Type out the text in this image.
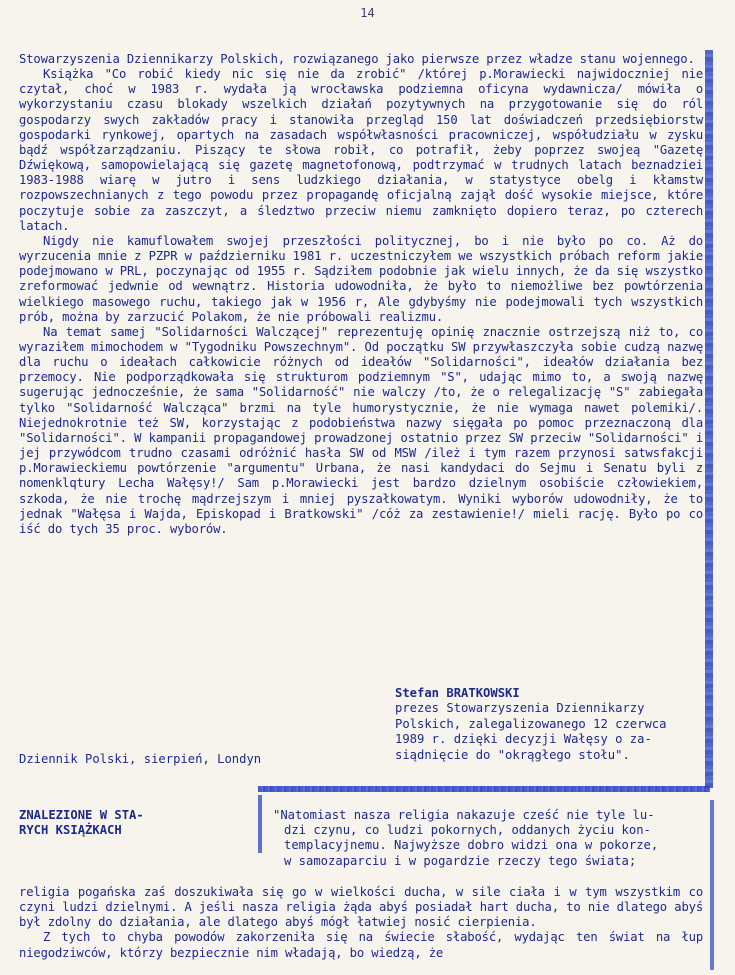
14

Stowarzyszenia Dziennikarzy Polskich, rozwiązanego jako pierwsze przez władze stanu wojennego.

Książka "Co robić kiedy nic się nie da zrobić" /której p.Morawiecki najwidoczniej nie czytał, choć w 1983 r. wydała ją wrocławska podziemna oficyna wydawnicza/ mówiła o wykorzystaniu czasu blokady wszelkich działań pozytywnych na przygotowanie się do ról gospodarzy swych zakładów pracy i stanowiła przegląd 150 lat doświadczeń przedsiębiorstw gospodarki rynkowej, opartych na zasadach współwłasności pracowniczej, współudziału w zysku bądź współzarządzaniu. Piszący te słowa robił, co potrafił, żeby poprzez swojeą "Gazetę Dźwiękową, samopowielającą się gazetę magnetofonową, podtrzymać w trudnych latach beznadziei 1983-1988 wiarę w jutro i sens ludzkiego działania, w statystyce obelg i kłamstw rozpowszechnianych z tego powodu przez propagandę oficjalną zajął dość wysokie miejsce, które poczytuje sobie za zaszczyt, a śledztwo przeciw niemu zamknięto dopiero teraz, po czterech latach.

Nigdy nie kamuflowałem swojej przeszłości politycznej, bo i nie było po co. Aż do wyrzucenia mnie z PZPR w październiku 1981 r. uczestniczyłem we wszystkich próbach reform jakie podejmowano w PRL, poczynając od 1955 r. Sądziłem podobnie jak wielu innych, że da się wszystko zreformować jedwnie od wewnątrz. Historia udowodniła, że było to niemożliwe bez powtórzenia wielkiego masowego ruchu, takiego jak w 1956 r, Ale gdybyśmy nie podejmowali tych wszystkich prób, można by zarzucić Polakom, że nie próbowali realizmu.

Na temat samej "Solidarności Walczącej" reprezentuję opinię znacznie ostrzejszą niż to, co wyraziłem mimochodem w "Tygodniku Powszechnym". Od początku SW przywłaszczyła sobie cudzą nazwę dla ruchu o ideałach całkowicie różnych od ideałów "Solidarności", ideałów działania bez przemocy. Nie podporządkowała się strukturom podziemnym "S", udając mimo to, a swoją nazwę sugerując jednocześnie, że sama "Solidarność" nie walczy /to, że o relegalizację "S" zabiegała tylko "Solidarność Walcząca" brzmi na tyle humorystycznie, że nie wymaga nawet polemiki/. Niejednokrotnie też SW, korzystając z podobieństwa nazwy sięgała po pomoc przeznaczoną dla "Solidarności". W kampanii propagandowej prowadzonej ostatnio przez SW przeciw "Solidarności" i jej przywódcom trudno czasami odróżnić hasła SW od MSW /ileż i tym razem przynosi satwsfakcji p.Morawieckiemu powtórzenie "argumentu" Urbana, że nasi kandydaci do Sejmu i Senatu byli z nomenklqtury Lecha Wałęsy!/ Sam p.Morawiecki jest bardzo dzielnym osobiście człowiekiem, szkoda, że nie trochę mądrzejszym i mniej pyszałkowatym. Wyniki wyborów udowodniły, że to jednak "Wałęsa i Wajda, Episkopad i Bratkowski" /cóż za zestawienie!/ mieli rację. Było po co iść do tych 35 proc. wyborów.

Stefan BRATKOWSKI
prezes Stowarzyszenia Dziennikarzy
Polskich, zalegalizowanego 12 czerwca
1989 r. dzięki decyzji Wałęsy o za-
siądnięcie do "okrągłego stołu".
Dziennik Polski, sierpień, Londyn
ZNALEZIONE W STA-
RYCH KSIĄŻKACH

"Natomiast nasza religia nakazuje cześć nie tyle lu-

dzi czynu, co ludzi pokornych, oddanych życiu kon-

templacyjnemu. Najwyższe dobro widzi ona w pokorze,

w samozaparciu i w pogardzie rzeczy tego świata;

religia pogańska zaś doszukiwała się go w wielkości ducha, w sile ciała i w tym wszystkim co czyni ludzi dzielnymi. A jeśli nasza religia żąda abyś posiadał hart ducha, to nie dlatego abyś był zdolny do działania, ale dlatego abyś mógł łatwiej nosić cierpienia.

Z tych to chyba powodów zakorzeniła się na świecie słabość, wydając ten świat na łup niegodziwców, którzy bezpiecznie nim władają, bo wiedzą, że
